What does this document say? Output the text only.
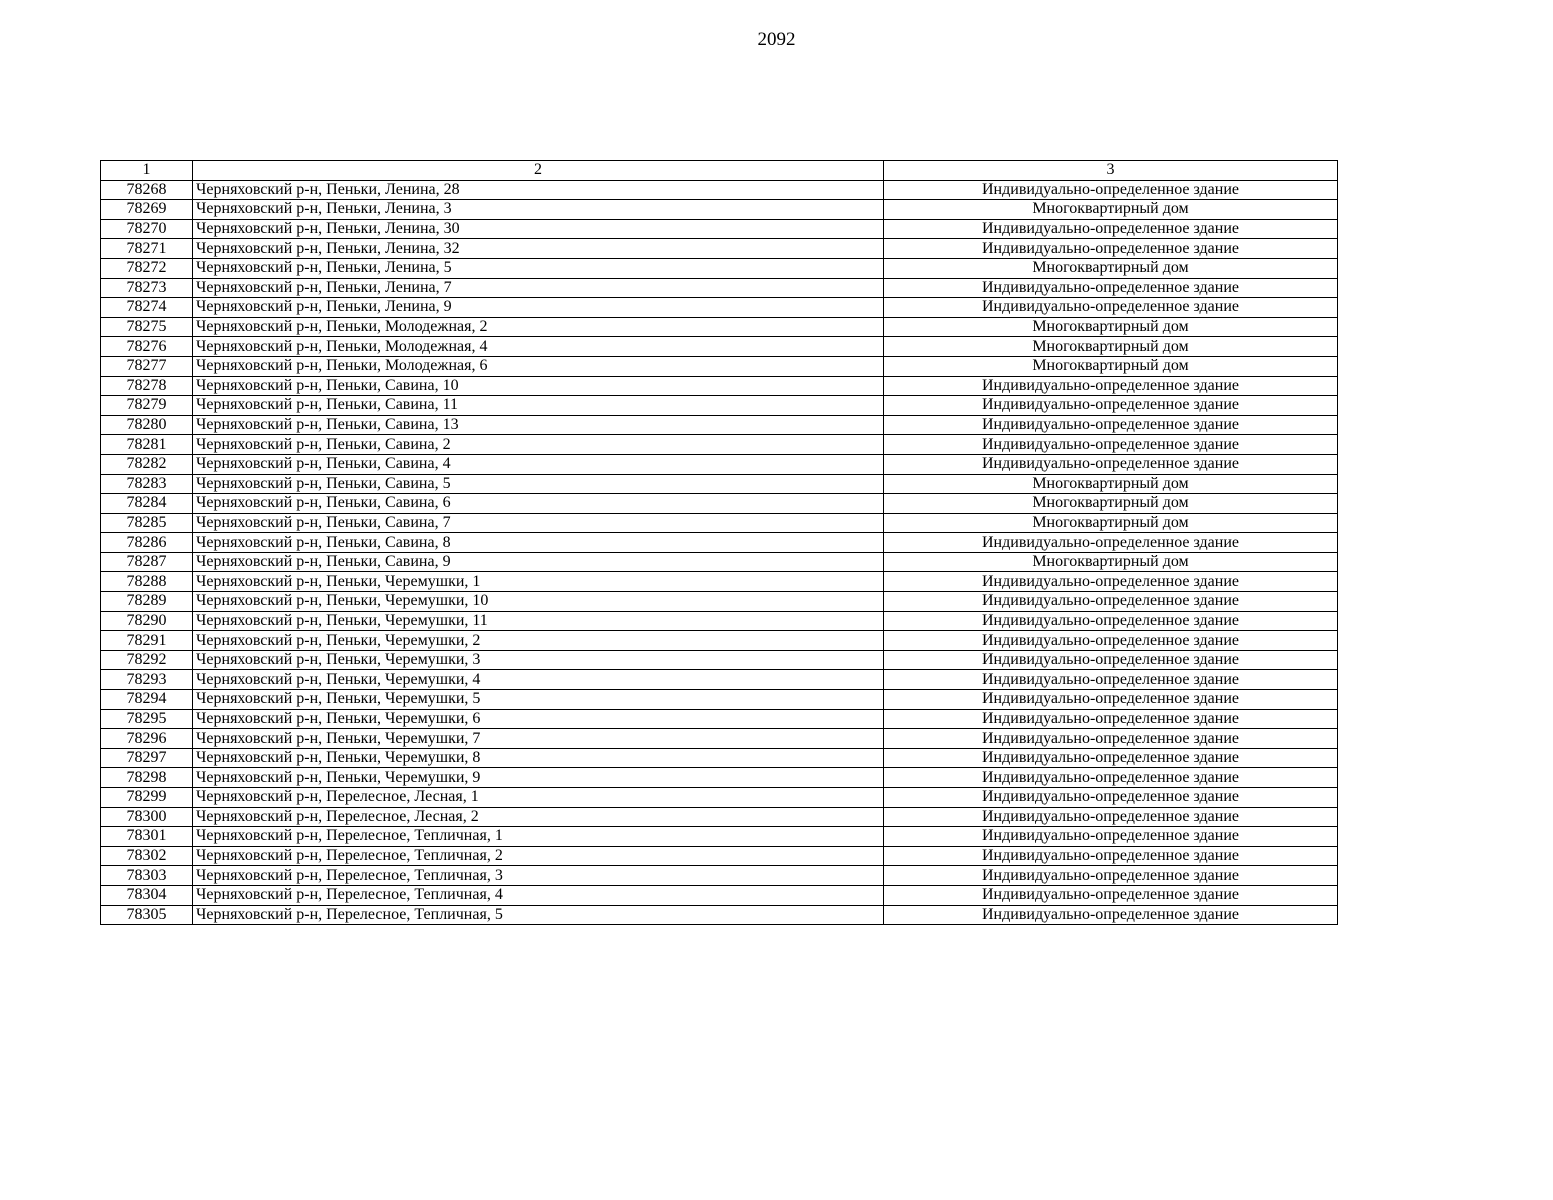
2092
1	2	3
78268	Черняховский р-н, Пеньки, Ленина, 28	Индивидуально-определенное здание
78269	Черняховский р-н, Пеньки, Ленина, 3	Многоквартирный дом
78270	Черняховский р-н, Пеньки, Ленина, 30	Индивидуально-определенное здание
78271	Черняховский р-н, Пеньки, Ленина, 32	Индивидуально-определенное здание
78272	Черняховский р-н, Пеньки, Ленина, 5	Многоквартирный дом
78273	Черняховский р-н, Пеньки, Ленина, 7	Индивидуально-определенное здание
78274	Черняховский р-н, Пеньки, Ленина, 9	Индивидуально-определенное здание
78275	Черняховский р-н, Пеньки, Молодежная, 2	Многоквартирный дом
78276	Черняховский р-н, Пеньки, Молодежная, 4	Многоквартирный дом
78277	Черняховский р-н, Пеньки, Молодежная, 6	Многоквартирный дом
78278	Черняховский р-н, Пеньки, Савина, 10	Индивидуально-определенное здание
78279	Черняховский р-н, Пеньки, Савина, 11	Индивидуально-определенное здание
78280	Черняховский р-н, Пеньки, Савина, 13	Индивидуально-определенное здание
78281	Черняховский р-н, Пеньки, Савина, 2	Индивидуально-определенное здание
78282	Черняховский р-н, Пеньки, Савина, 4	Индивидуально-определенное здание
78283	Черняховский р-н, Пеньки, Савина, 5	Многоквартирный дом
78284	Черняховский р-н, Пеньки, Савина, 6	Многоквартирный дом
78285	Черняховский р-н, Пеньки, Савина, 7	Многоквартирный дом
78286	Черняховский р-н, Пеньки, Савина, 8	Индивидуально-определенное здание
78287	Черняховский р-н, Пеньки, Савина, 9	Многоквартирный дом
78288	Черняховский р-н, Пеньки, Черемушки, 1	Индивидуально-определенное здание
78289	Черняховский р-н, Пеньки, Черемушки, 10	Индивидуально-определенное здание
78290	Черняховский р-н, Пеньки, Черемушки, 11	Индивидуально-определенное здание
78291	Черняховский р-н, Пеньки, Черемушки, 2	Индивидуально-определенное здание
78292	Черняховский р-н, Пеньки, Черемушки, 3	Индивидуально-определенное здание
78293	Черняховский р-н, Пеньки, Черемушки, 4	Индивидуально-определенное здание
78294	Черняховский р-н, Пеньки, Черемушки, 5	Индивидуально-определенное здание
78295	Черняховский р-н, Пеньки, Черемушки, 6	Индивидуально-определенное здание
78296	Черняховский р-н, Пеньки, Черемушки, 7	Индивидуально-определенное здание
78297	Черняховский р-н, Пеньки, Черемушки, 8	Индивидуально-определенное здание
78298	Черняховский р-н, Пеньки, Черемушки, 9	Индивидуально-определенное здание
78299	Черняховский р-н, Перелесное, Лесная, 1	Индивидуально-определенное здание
78300	Черняховский р-н, Перелесное, Лесная, 2	Индивидуально-определенное здание
78301	Черняховский р-н, Перелесное, Тепличная, 1	Индивидуально-определенное здание
78302	Черняховский р-н, Перелесное, Тепличная, 2	Индивидуально-определенное здание
78303	Черняховский р-н, Перелесное, Тепличная, 3	Индивидуально-определенное здание
78304	Черняховский р-н, Перелесное, Тепличная, 4	Индивидуально-определенное здание
78305	Черняховский р-н, Перелесное, Тепличная, 5	Индивидуально-определенное здание
